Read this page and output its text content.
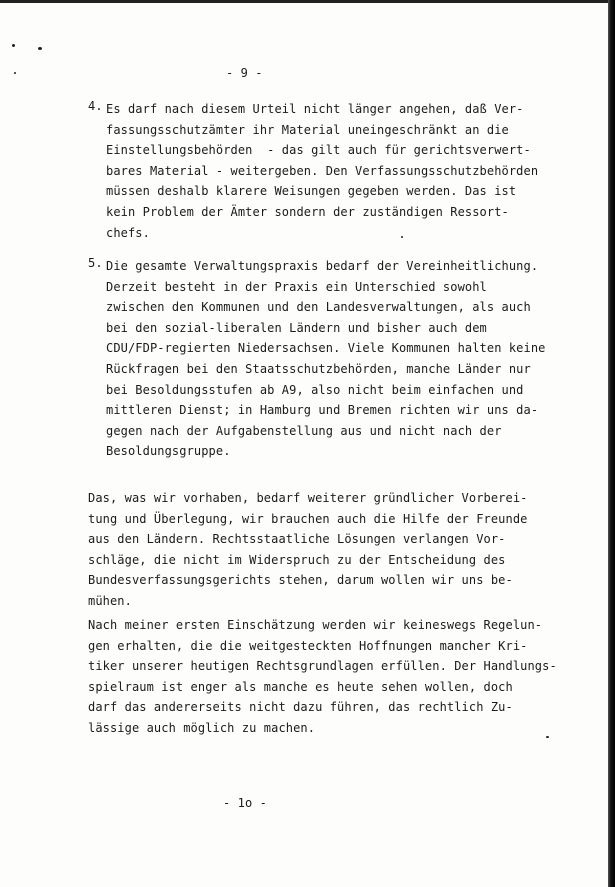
- 9 -
4. Es darf nach diesem Urteil nicht länger angehen, daß Ver-
fassungsschutzämter ihr Material uneingeschränkt an die
Einstellungsbehörden  - das gilt auch für gerichtsverwert-
bares Material - weitergeben. Den Verfassungsschutzbehörden
müssen deshalb klarere Weisungen gegeben werden. Das ist
kein Problem der Ämter sondern der zuständigen Ressort-
chefs.
5. Die gesamte Verwaltungspraxis bedarf der Vereinheitlichung.
Derzeit besteht in der Praxis ein Unterschied sowohl
zwischen den Kommunen und den Landesverwaltungen, als auch
bei den sozial-liberalen Ländern und bisher auch dem
CDU/FDP-regierten Niedersachsen. Viele Kommunen halten keine
Rückfragen bei den Staatsschutzbehörden, manche Länder nur
bei Besoldungsstufen ab A9, also nicht beim einfachen und
mittleren Dienst; in Hamburg und Bremen richten wir uns da-
gegen nach der Aufgabenstellung aus und nicht nach der
Besoldungsgruppe.
Das, was wir vorhaben, bedarf weiterer gründlicher Vorberei-
tung und Überlegung, wir brauchen auch die Hilfe der Freunde
aus den Ländern. Rechtsstaatliche Lösungen verlangen Vor-
schläge, die nicht im Widerspruch zu der Entscheidung des
Bundesverfassungsgerichts stehen, darum wollen wir uns be-
mühen.
Nach meiner ersten Einschätzung werden wir keineswegs Regelun-
gen erhalten, die die weitgesteckten Hoffnungen mancher Kri-
tiker unserer heutigen Rechtsgrundlagen erfüllen. Der Handlungs-
spielraum ist enger als manche es heute sehen wollen, doch
darf das andererseits nicht dazu führen, das rechtlich Zu-
lässige auch möglich zu machen.
- 1o -
